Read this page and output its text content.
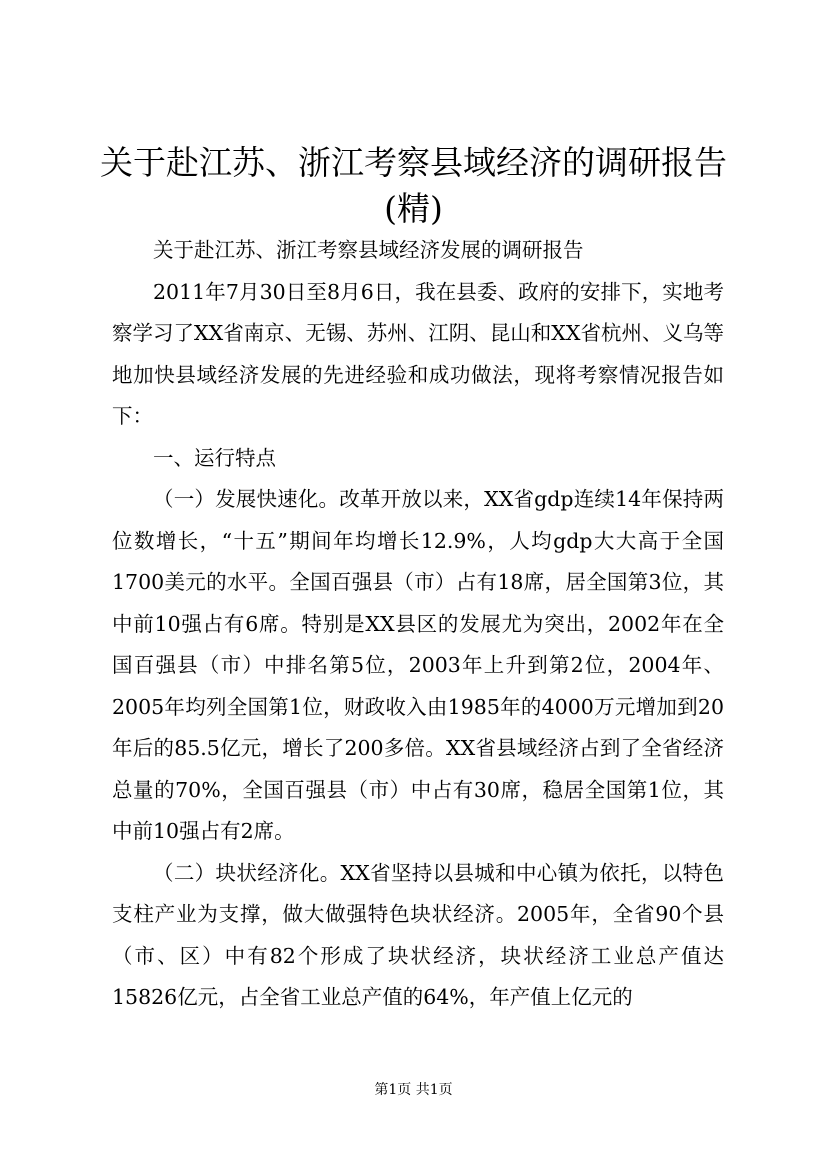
关于赴江苏、浙江考察县域经济的调研报告(精)

关于赴江苏、浙江考察县域经济发展的调研报告

2011年7月30日至8月6日，我在县委、政府的安排下，实地考察学习了XX省南京、无锡、苏州、江阴、昆山和XX省杭州、义乌等地加快县域经济发展的先进经验和成功做法，现将考察情况报告如下：

一、运行特点

（一）发展快速化。改革开放以来，XX省gdp连续14年保持两位数增长，“十五”期间年均增长12.9%，人均gdp大大高于全国1700美元的水平。全国百强县（市）占有18席，居全国第3位，其中前10强占有6席。特别是XX县区的发展尤为突出，2002年在全国百强县（市）中排名第5位，2003年上升到第2位，2004年、2005年均列全国第1位，财政收入由1985年的4000万元增加到20年后的85.5亿元，增长了200多倍。XX省县域经济占到了全省经济总量的70%，全国百强县（市）中占有30席，稳居全国第1位，其中前10强占有2席。

（二）块状经济化。XX省坚持以县城和中心镇为依托，以特色支柱产业为支撑，做大做强特色块状经济。2005年，全省90个县（市、区）中有82个形成了块状经济，块状经济工业总产值达15826亿元，占全省工业总产值的64%，年产值上亿元的

第1页 共1页
